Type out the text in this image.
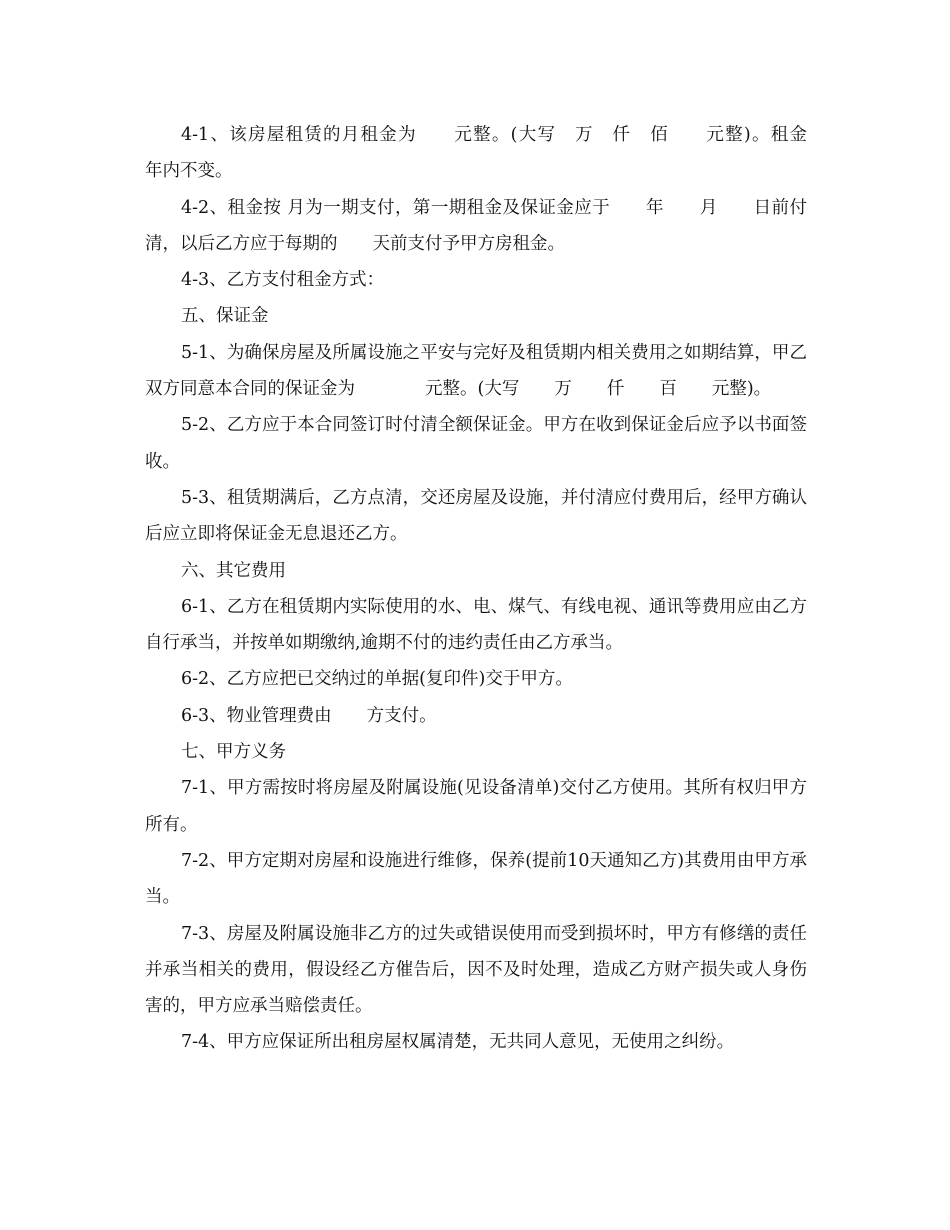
4-1、该房屋租赁的月租金为　　元整。(大写　万　仟　佰　　元整)。租金　　年内不变。

4-2、租金按 月为一期支付，第一期租金及保证金应于　　年　　月　　日前付清，以后乙方应于每期的　　天前支付予甲方房租金。

4-3、乙方支付租金方式：

五、保证金

5-1、为确保房屋及所属设施之平安与完好及租赁期内相关费用之如期结算，甲乙双方同意本合同的保证金为　　　　元整。(大写　　万　　仟　　百　　元整)。

5-2、乙方应于本合同签订时付清全额保证金。甲方在收到保证金后应予以书面签收。

5-3、租赁期满后，乙方点清，交还房屋及设施，并付清应付费用后，经甲方确认后应立即将保证金无息退还乙方。

六、其它费用

6-1、乙方在租赁期内实际使用的水、电、煤气、有线电视、通讯等费用应由乙方自行承当，并按单如期缴纳,逾期不付的违约责任由乙方承当。

6-2、乙方应把已交纳过的单据(复印件)交于甲方。

6-3、物业管理费由　　方支付。

七、甲方义务

7-1、甲方需按时将房屋及附属设施(见设备清单)交付乙方使用。其所有权归甲方所有。

7-2、甲方定期对房屋和设施进行维修，保养(提前10天通知乙方)其费用由甲方承当。

7-3、房屋及附属设施非乙方的过失或错误使用而受到损坏时，甲方有修缮的责任并承当相关的费用，假设经乙方催告后，因不及时处理，造成乙方财产损失或人身伤害的，甲方应承当赔偿责任。

7-4、甲方应保证所出租房屋权属清楚，无共同人意见，无使用之纠纷。
